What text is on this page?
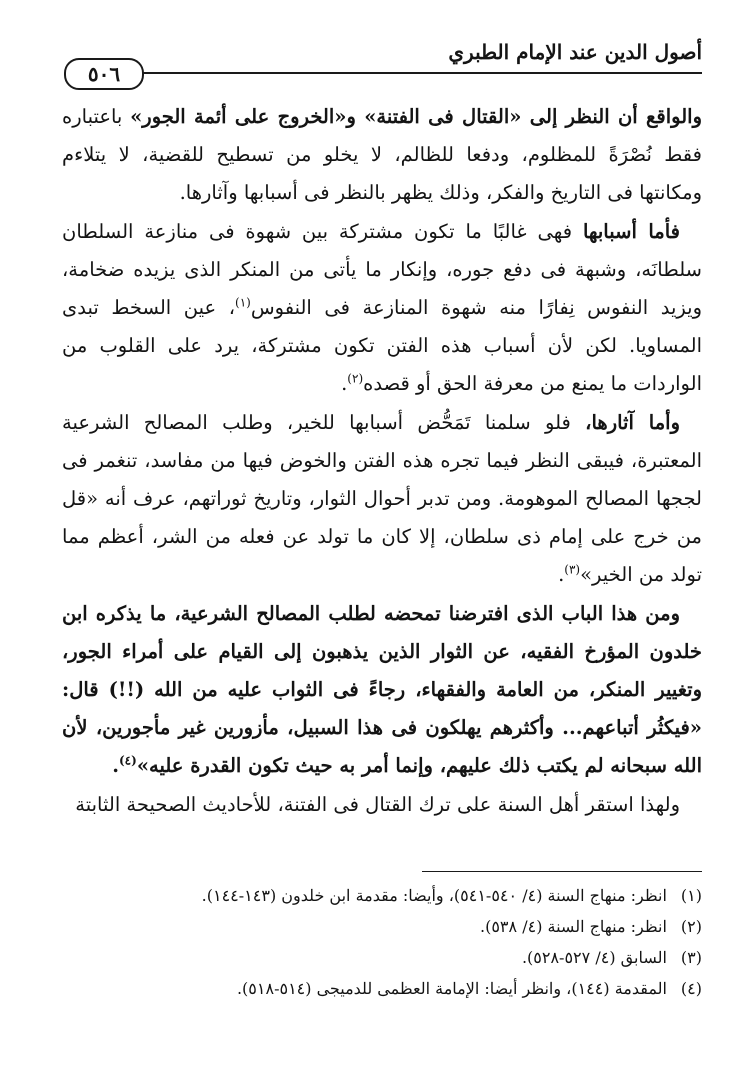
أصول الدين عند الإمام الطبري
٥٠٦

والواقع أن النظر إلى «القتال فى الفتنة» و«الخروج على أئمة الجور» باعتباره فقط نُصْرَةً للمظلوم، ودفعا للظالم، لا يخلو من تسطيح للقضية، لا يتلاءم ومكانتها فى التاريخ والفكر، وذلك يظهر بالنظر فى أسبابها وآثارها.

فأما أسبابها فهى غالبًا ما تكون مشتركة بين شهوة فى منازعة السلطان سلطانَه، وشبهة فى دفع جوره، وإنكار ما يأتى من المنكر الذى يزيده ضخامة، ويزيد النفوس نِفارًا منه شهوة المنازعة فى النفوس$^{(١)}$، عين السخط تبدى المساويا. لكن لأن أسباب هذه الفتن تكون مشتركة، يرد على القلوب من الواردات ما يمنع من معرفة الحق أو قصده$^{(٢)}$.

وأما آثارها، فلو سلمنا تَمَحُّض أسبابها للخير، وطلب المصالح الشرعية المعتبرة، فيبقى النظر فيما تجره هذه الفتن والخوض فيها من مفاسد، تنغمر فى لججها المصالح الموهومة. ومن تدبر أحوال الثوار، وتاريخ ثوراتهم، عرف أنه «قل من خرج على إمام ذى سلطان، إلا كان ما تولد عن فعله من الشر، أعظم مما تولد من الخير»$^{(٣)}$.

ومن هذا الباب الذى افترضنا تمحضه لطلب المصالح الشرعية، ما يذكره ابن خلدون المؤرخ الفقيه، عن الثوار الذين يذهبون إلى القيام على أمراء الجور، وتغيير المنكر، من العامة والفقهاء، رجاءً فى الثواب عليه من الله (!!) قال: «فيكثُر أتباعهم... وأكثرهم يهلكون فى هذا السبيل، مأزورين غير مأجورين، لأن الله سبحانه لم يكتب ذلك عليهم، وإنما أمر به حيث تكون القدرة عليه»$^{(٤)}$.

ولهذا استقر أهل السنة على ترك القتال فى الفتنة، للأحاديث الصحيحة الثابتة

(١)انظر: منهاج السنة (٤/ ٥٤٠-٥٤١)، وأيضا: مقدمة ابن خلدون (١٤٣-١٤٤).

(٢)انظر: منهاج السنة (٤/ ٥٣٨).

(٣)السابق (٤/ ٥٢٧-٥٢٨).

(٤)المقدمة (١٤٤)، وانظر أيضا: الإمامة العظمى للدميجى (٥١٤-٥١٨).
